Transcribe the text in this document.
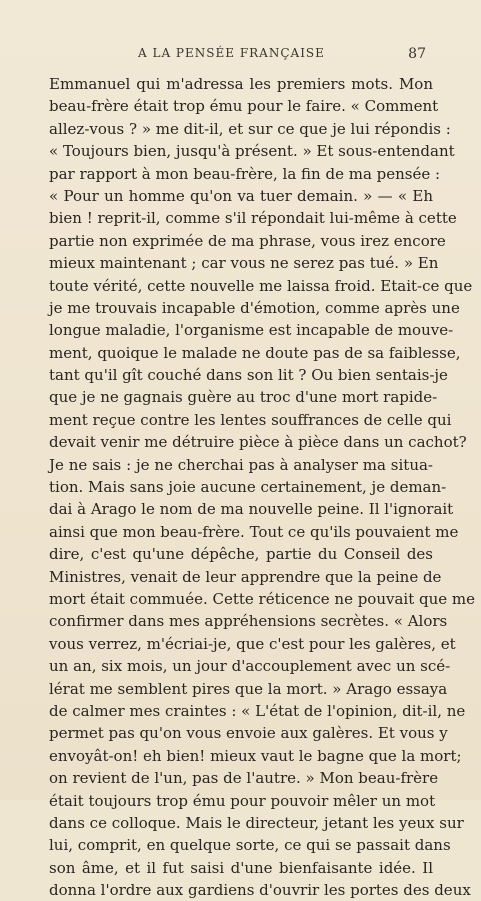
A LA PENSÉE FRANÇAISE	87
Emmanuel qui m'adressa les premiers mots. Mon
beau-frère était trop ému pour le faire. « Comment
allez-vous ? » me dit-il, et sur ce que je lui répondis :
« Toujours bien, jusqu'à présent. » Et sous-entendant
par rapport à mon beau-frère, la fin de ma pensée :
« Pour un homme qu'on va tuer demain. » — « Eh
bien ! reprit-il, comme s'il répondait lui-même à cette
partie non exprimée de ma phrase, vous irez encore
mieux maintenant ; car vous ne serez pas tué. » En
toute vérité, cette nouvelle me laissa froid. Etait-ce que
je me trouvais incapable d'émotion, comme après une
longue maladie, l'organisme est incapable de mouve-
ment, quoique le malade ne doute pas de sa faiblesse,
tant qu'il gît couché dans son lit ? Ou bien sentais-je
que je ne gagnais guère au troc d'une mort rapide-
ment reçue contre les lentes souffrances de celle qui
devait venir me détruire pièce à pièce dans un cachot?
Je ne sais : je ne cherchai pas à analyser ma situa-
tion. Mais sans joie aucune certainement, je deman-
dai à Arago le nom de ma nouvelle peine. Il l'ignorait
ainsi que mon beau-frère. Tout ce qu'ils pouvaient me
dire, c'est qu'une dépêche, partie du Conseil des
Ministres, venait de leur apprendre que la peine de
mort était commuée. Cette réticence ne pouvait que me
confirmer dans mes appréhensions secrètes. « Alors
vous verrez, m'écriai-je, que c'est pour les galères, et
un an, six mois, un jour d'accouplement avec un scé-
lérat me semblent pires que la mort. » Arago essaya
de calmer mes craintes : « L'état de l'opinion, dit-il, ne
permet pas qu'on vous envoie aux galères. Et vous y
envoyât-on! eh bien! mieux vaut le bagne que la mort;
on revient de l'un, pas de l'autre. » Mon beau-frère
était toujours trop ému pour pouvoir mêler un mot
dans ce colloque. Mais le directeur, jetant les yeux sur
lui, comprit, en quelque sorte, ce qui se passait dans
son âme, et il fut saisi d'une bienfaisante idée. Il
donna l'ordre aux gardiens d'ouvrir les portes des deux
